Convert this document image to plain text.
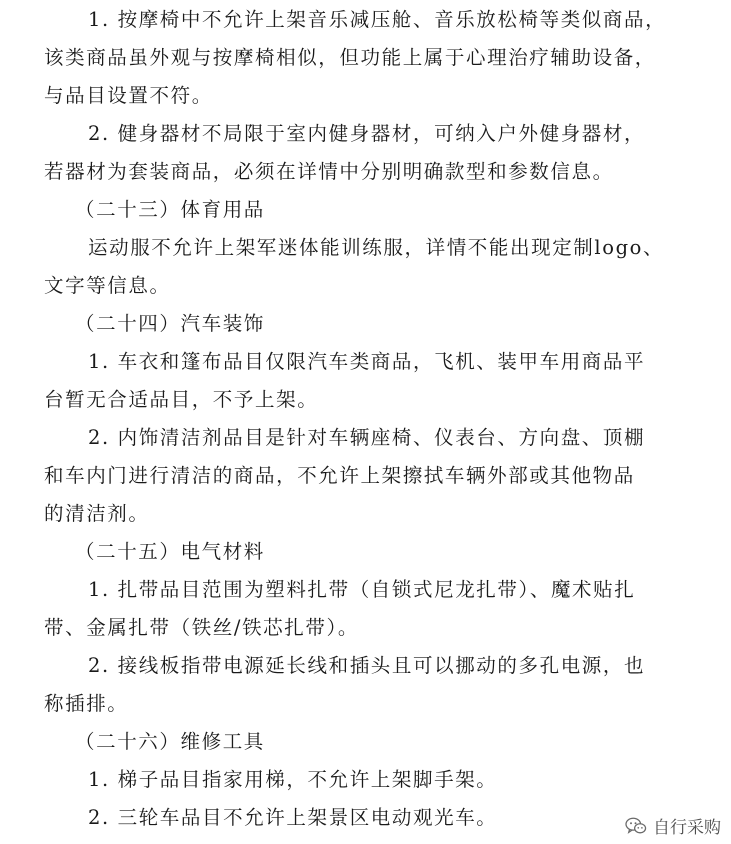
1. 按摩椅中不允许上架音乐减压舱、音乐放松椅等类似商品，
该类商品虽外观与按摩椅相似，但功能上属于心理治疗辅助设备，
与品目设置不符。
2. 健身器材不局限于室内健身器材，可纳入户外健身器材，
若器材为套装商品，必须在详情中分别明确款型和参数信息。
（二十三）体育用品
运动服不允许上架军迷体能训练服，详情不能出现定制logo、
文字等信息。
（二十四）汽车装饰
1. 车衣和篷布品目仅限汽车类商品，飞机、装甲车用商品平
台暂无合适品目，不予上架。
2. 内饰清洁剂品目是针对车辆座椅、仪表台、方向盘、顶棚
和车内门进行清洁的商品，不允许上架擦拭车辆外部或其他物品
的清洁剂。
（二十五）电气材料
1. 扎带品目范围为塑料扎带（自锁式尼龙扎带）、魔术贴扎
带、金属扎带（铁丝/铁芯扎带）。
2. 接线板指带电源延长线和插头且可以挪动的多孔电源，也
称插排。
（二十六）维修工具
1. 梯子品目指家用梯，不允许上架脚手架。
2. 三轮车品目不允许上架景区电动观光车。	自行采购
